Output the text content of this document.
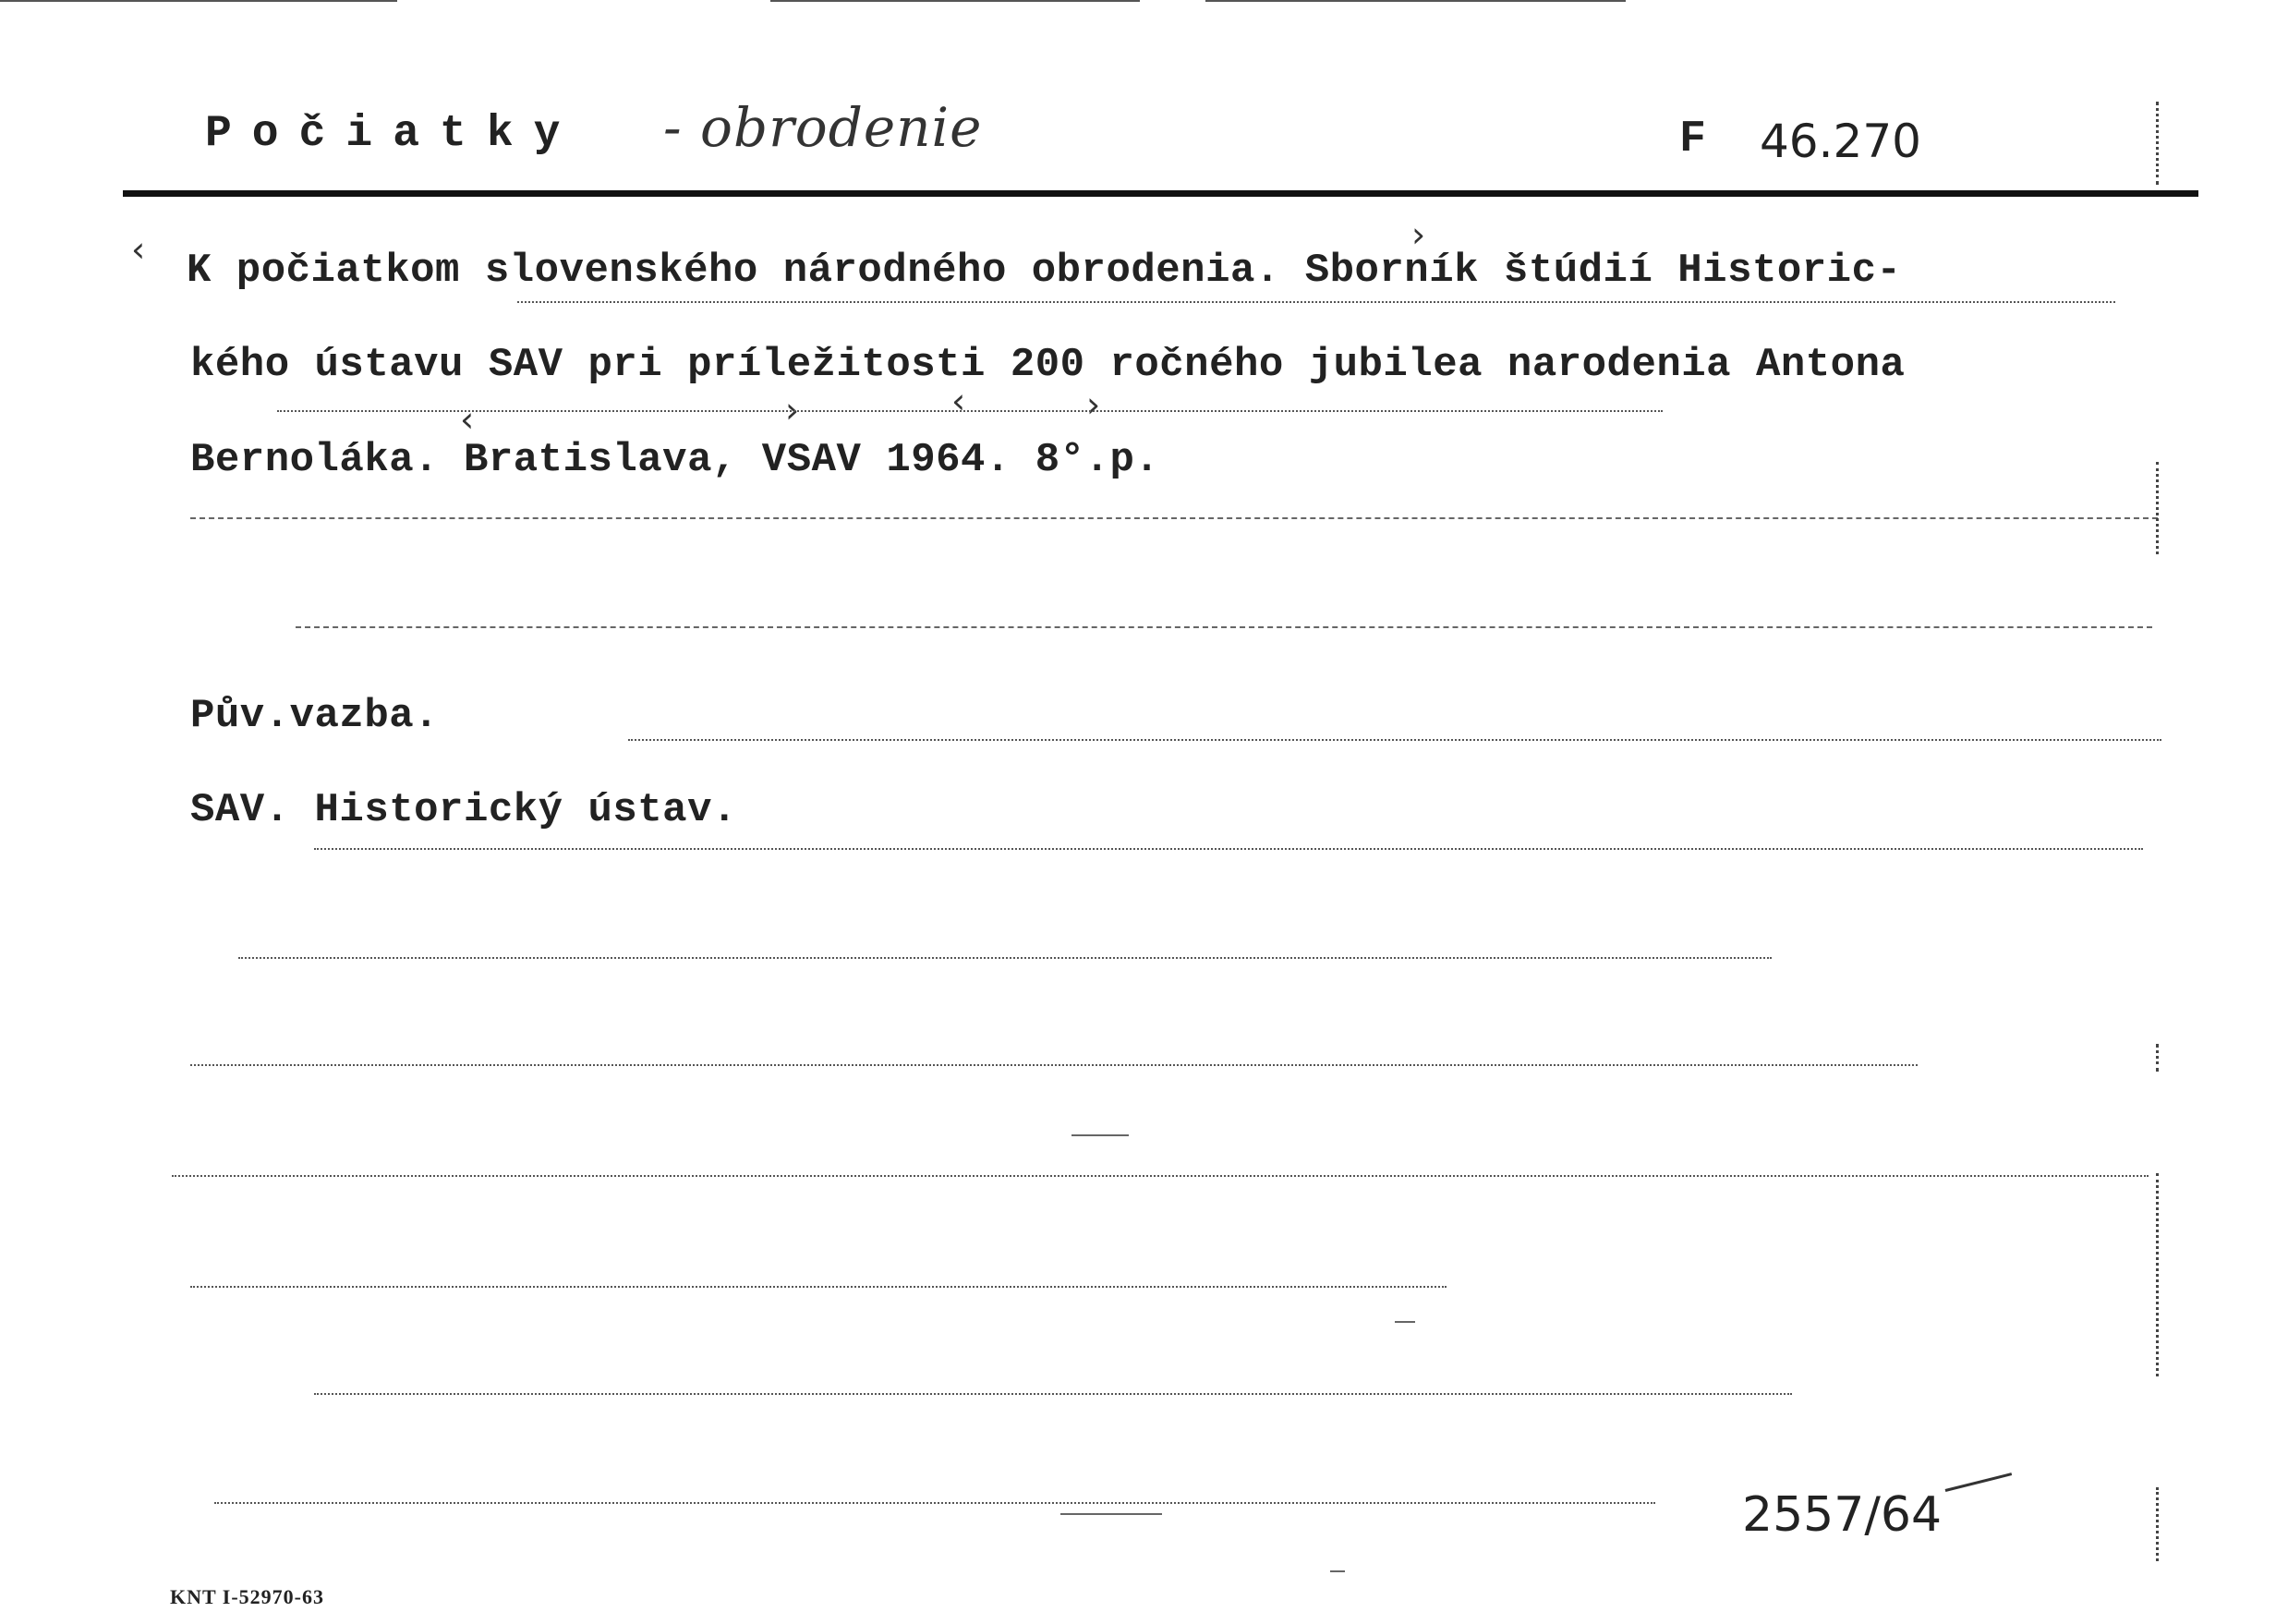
Počiatky - obrodenie	F 46.270
K počiatkom slovenského národného obrodenia. Sborník štúdií Historic-
kého ústavu SAV pri príležitosti 200 ročného jubilea narodenia Antona
Bernoláka. Bratislava, VSAV 1964. 8°.p.
‹	›
‹	›	‹	›
Pův.vazba.
SAV. Historický ústav.
2557/64
KNT I-52970-63
